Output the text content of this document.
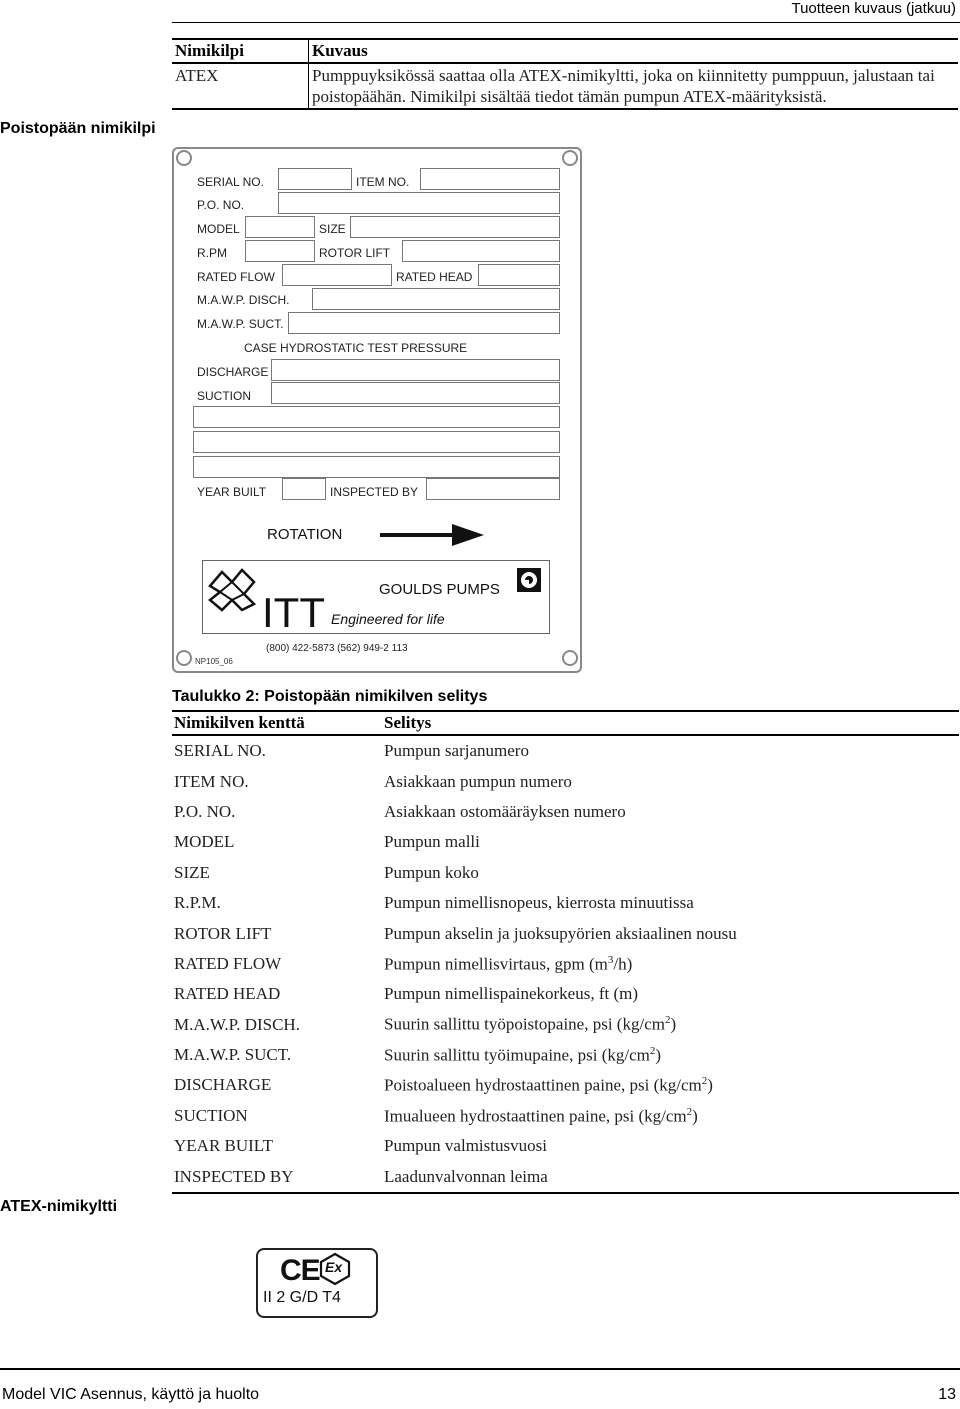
Tuotteen kuvaus (jatkuu)
Poistopään nimikilpi
ATEX-nimikyltti
Nimikilpi	Kuvaus
ATEX	Pumppuyksikössä saattaa olla ATEX-nimikyltti, joka on kiinnitetty pumppuun, jalustaan tai poistopäähän. Nimikilpi sisältää tiedot tämän pumpun ATEX-määrityksistä.
SERIAL NO.	ITEM NO.
P.O. NO.
MODEL	SIZE
R.PM	ROTOR LIFT
RATED FLOW	RATED HEAD
M.A.W.P. DISCH.
M.A.W.P. SUCT.
CASE HYDROSTATIC TEST PRESSURE
DISCHARGE
SUCTION
YEAR BUILT	INSPECTED BY
ROTATION
ITT	GOULDS PUMPS
Engineered for life
(800) 422-5873 (562) 949-2 113
NP105_06
Taulukko 2: Poistopään nimikilven selitys
Nimikilven kenttä	Selitys
SERIAL NO.	Pumpun sarjanumero
ITEM NO.	Asiakkaan pumpun numero
P.O. NO.	Asiakkaan ostomääräyksen numero
MODEL	Pumpun malli
SIZE	Pumpun koko
R.P.M.	Pumpun nimellisnopeus, kierrosta minuutissa
ROTOR LIFT	Pumpun akselin ja juoksupyörien aksiaalinen nousu
RATED FLOW	Pumpun nimellisvirtaus, gpm $(m^3/h)$
RATED HEAD	Pumpun nimellispainekorkeus, ft (m)
M.A.W.P. DISCH.	Suurin sallittu työpoistopaine, psi $(kg/cm^2)$
M.A.W.P. SUCT.	Suurin sallittu työimupaine, psi $(kg/cm^2)$
DISCHARGE	Poistoalueen hydrostaattinen paine, psi $(kg/cm^2)$
SUCTION	Imualueen hydrostaattinen paine, psi $(kg/cm^2)$
YEAR BUILT	Pumpun valmistusvuosi
INSPECTED BY	Laadunvalvonnan leima
CE Ex
II 2 G/D T4
Model VIC Asennus, käyttö ja huolto	13
